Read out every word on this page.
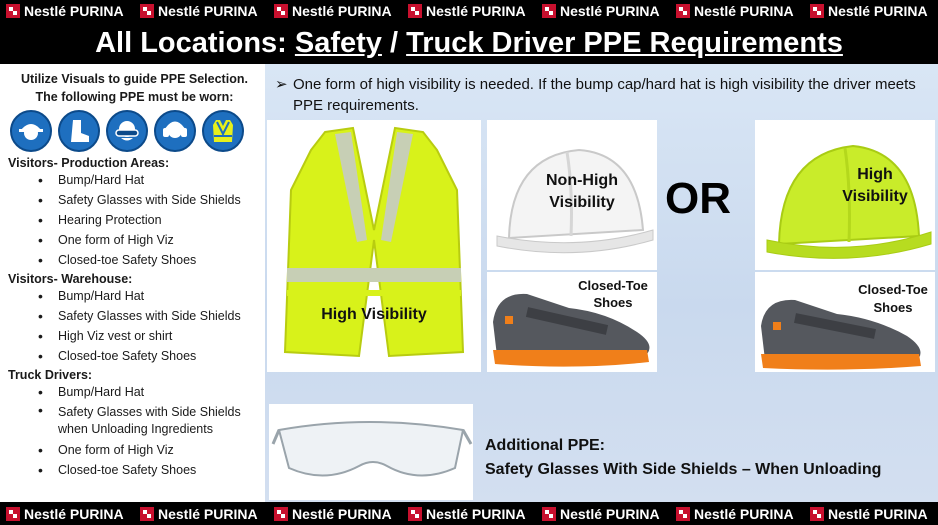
Nestlé PURINA Nestlé PURINA Nestlé PURINA Nestlé PURINA Nestlé PURINA Nestlé PURINA Nestlé PURINA
All Locations: Safety / Truck Driver PPE Requirements
Utilize Visuals to guide PPE Selection.
The following PPE must be worn:
Visitors- Production Areas:
• Bump/Hard Hat
• Safety Glasses with Side Shields
• Hearing Protection
• One form of High Viz
• Closed-toe Safety Shoes
Visitors- Warehouse:
• Bump/Hard Hat
• Safety Glasses with Side Shields
• High Viz vest or shirt
• Closed-toe Safety Shoes
Truck Drivers:
• Bump/Hard Hat
• Safety Glasses with Side Shields when Unloading Ingredients
• One form of High Viz
• Closed-toe Safety Shoes
➢ One form of high visibility is needed. If the bump cap/hard hat is high visibility the driver meets PPE requirements.
High Visibility
Non-High
Visibility	OR	High
Visibility
Closed-Toe
Shoes
Closed-Toe
Shoes
Additional PPE:
Safety Glasses With Side Shields – When Unloading
Nestlé PURINA Nestlé PURINA Nestlé PURINA Nestlé PURINA Nestlé PURINA Nestlé PURINA Nestlé PURINA
